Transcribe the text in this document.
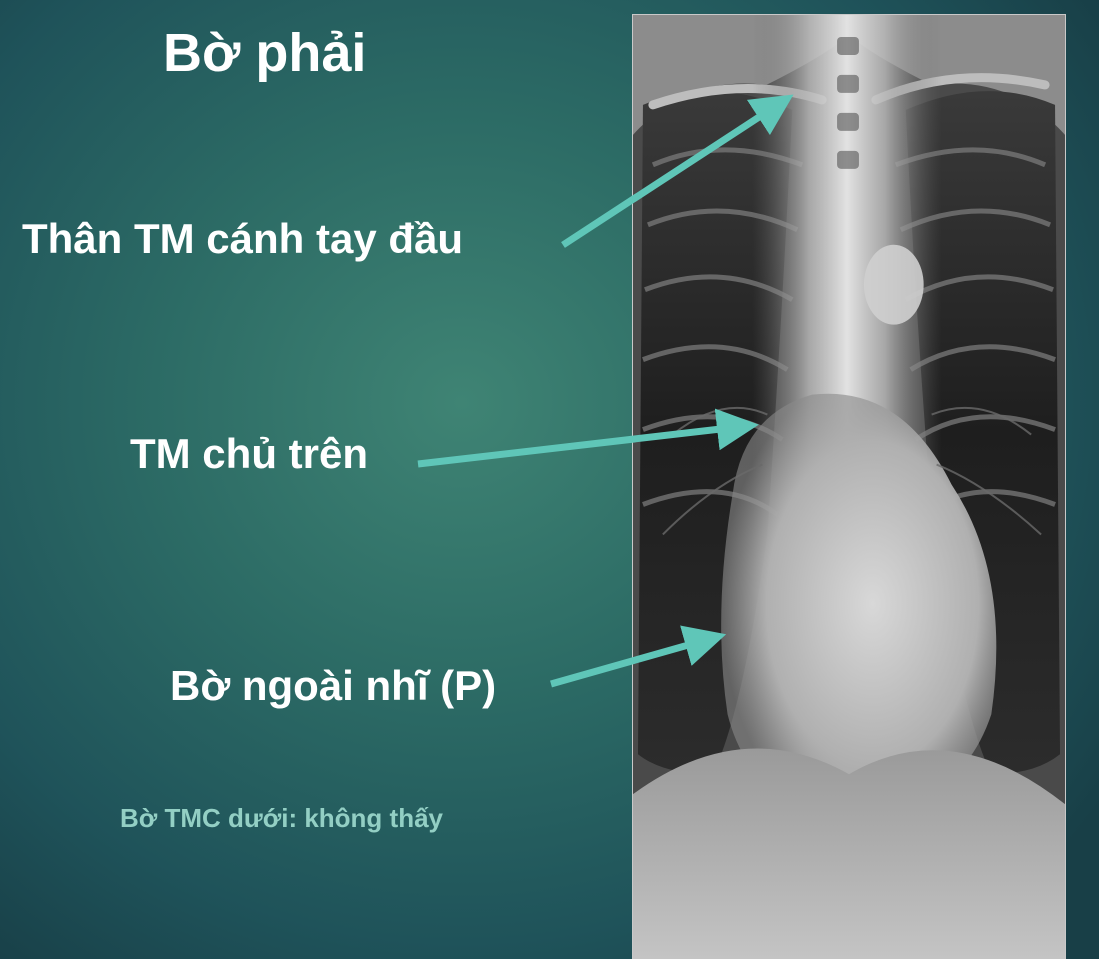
Bờ phải
Thân TM cánh tay đầu
TM chủ trên
Bờ ngoài nhĩ (P)
Bờ TMC dưới: không thấy
